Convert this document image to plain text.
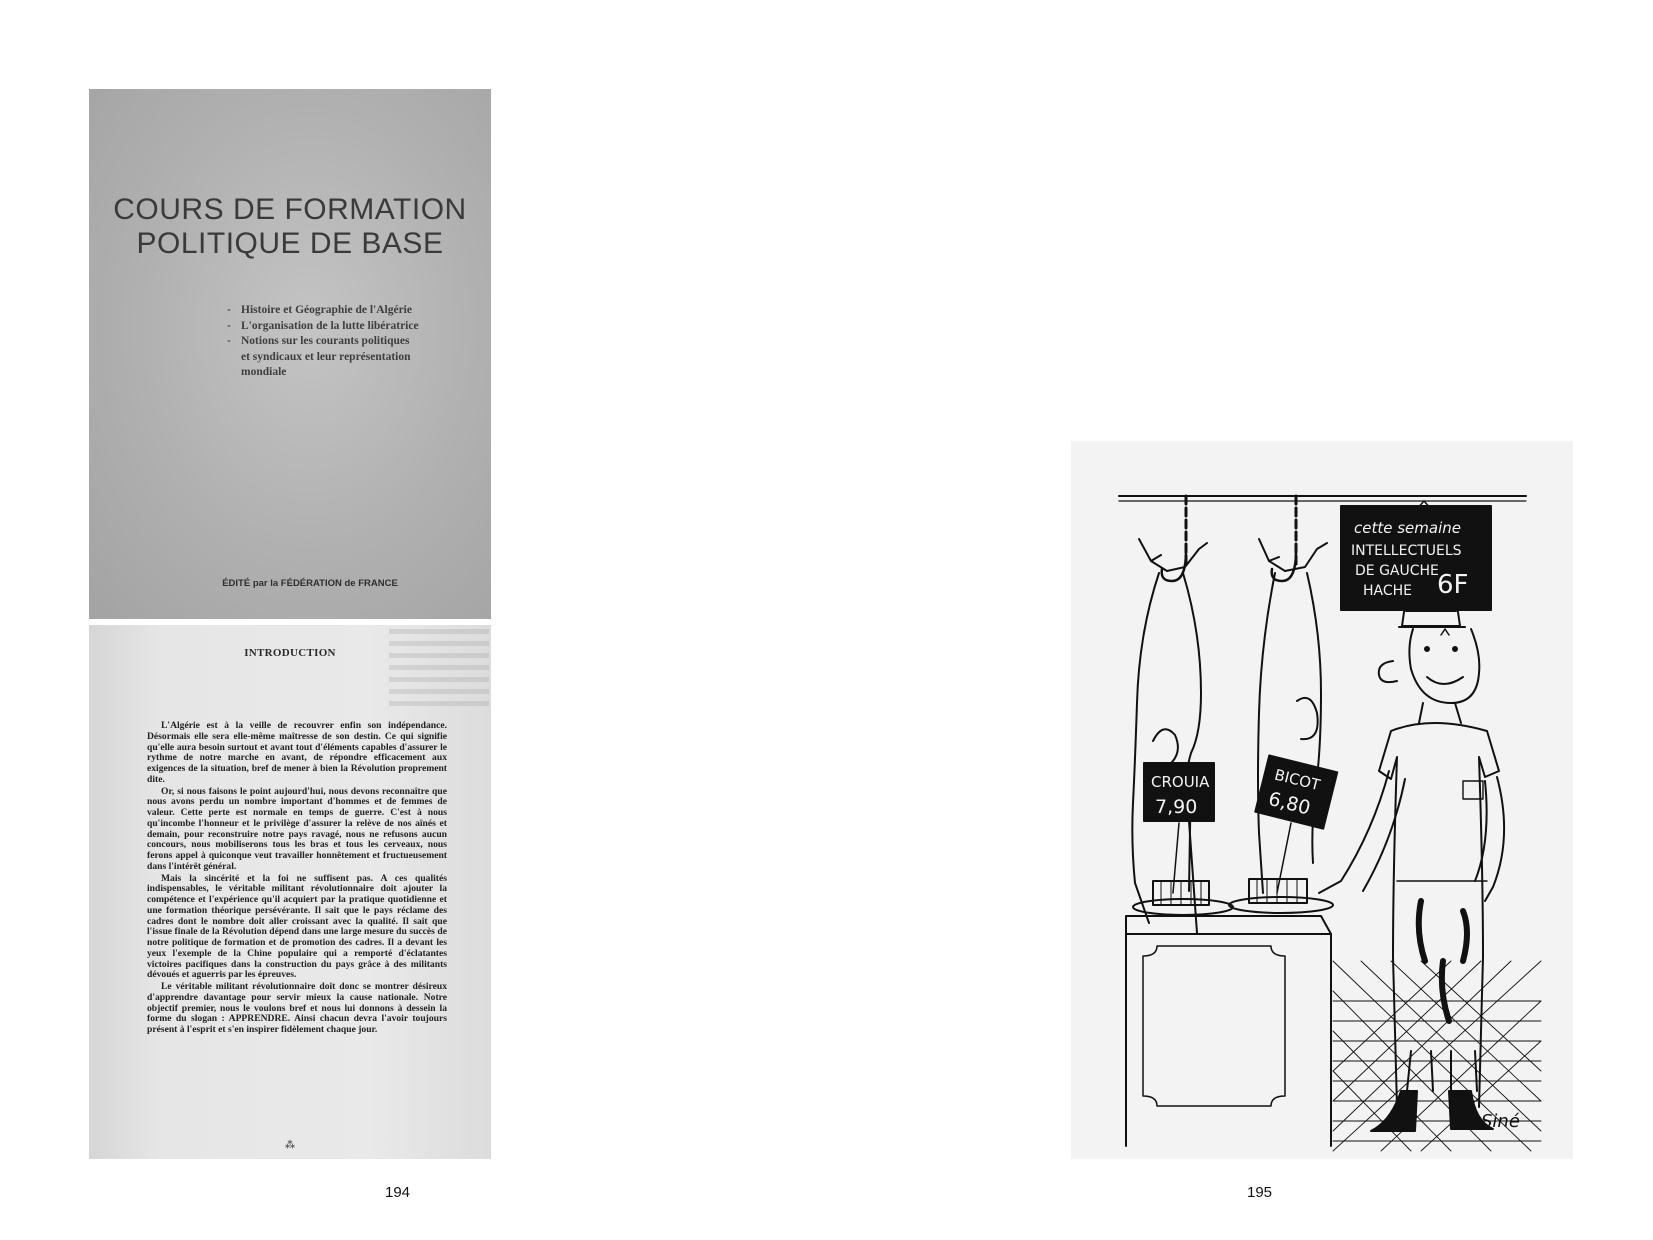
COURS DE FORMATION
POLITIQUE DE BASE
- Histoire et Géographie de l'Algérie
- L'organisation de la lutte libératrice
- Notions sur les courants politiques
et syndicaux et leur représentation
mondiale
ÉDITÉ par la FÉDÉRATION de FRANCE
INTRODUCTION

L'Algérie est à la veille de recouvrer enfin son indépendance. Désormais elle sera elle-même maîtresse de son destin. Ce qui signifie qu'elle aura besoin surtout et avant tout d'éléments capables d'assurer le rythme de notre marche en avant, de répondre efficacement aux exigences de la situation, bref de mener à bien la Révolution proprement dite.

Or, si nous faisons le point aujourd'hui, nous devons reconnaître que nous avons perdu un nombre important d'hommes et de femmes de valeur. Cette perte est normale en temps de guerre. C'est à nous qu'incombe l'honneur et le privilège d'assurer la relève de nos aînés et demain, pour reconstruire notre pays ravagé, nous ne refusons aucun concours, nous mobiliserons tous les bras et tous les cerveaux, nous ferons appel à quiconque veut travailler honnêtement et fructueusement dans l'intérêt général.

Mais la sincérité et la foi ne suffisent pas. A ces qualités indispensables, le véritable militant révolutionnaire doit ajouter la compétence et l'expérience qu'il acquiert par la pratique quotidienne et une formation théorique persévérante. Il sait que le pays réclame des cadres dont le nombre doit aller croissant avec la qualité. Il sait que l'issue finale de la Révolution dépend dans une large mesure du succès de notre politique de formation et de promotion des cadres. Il a devant les yeux l'exemple de la Chine populaire qui a remporté d'éclatantes victoires pacifiques dans la construction du pays grâce à des militants dévoués et aguerris par les épreuves.

Le véritable militant révolutionnaire doit donc se montrer désireux d'apprendre davantage pour servir mieux la cause nationale. Notre objectif premier, nous le voulons bref et nous lui donnons à dessein la forme du slogan : APPRENDRE. Ainsi chacun devra l'avoir toujours présent à l'esprit et s'en inspirer fidèlement chaque jour.

⁂
194
cette semaine
INTELLECTUELS
DE GAUCHE
HACHE 6F
CROUIA
7,90
BICOT
6,80
Siné
195
